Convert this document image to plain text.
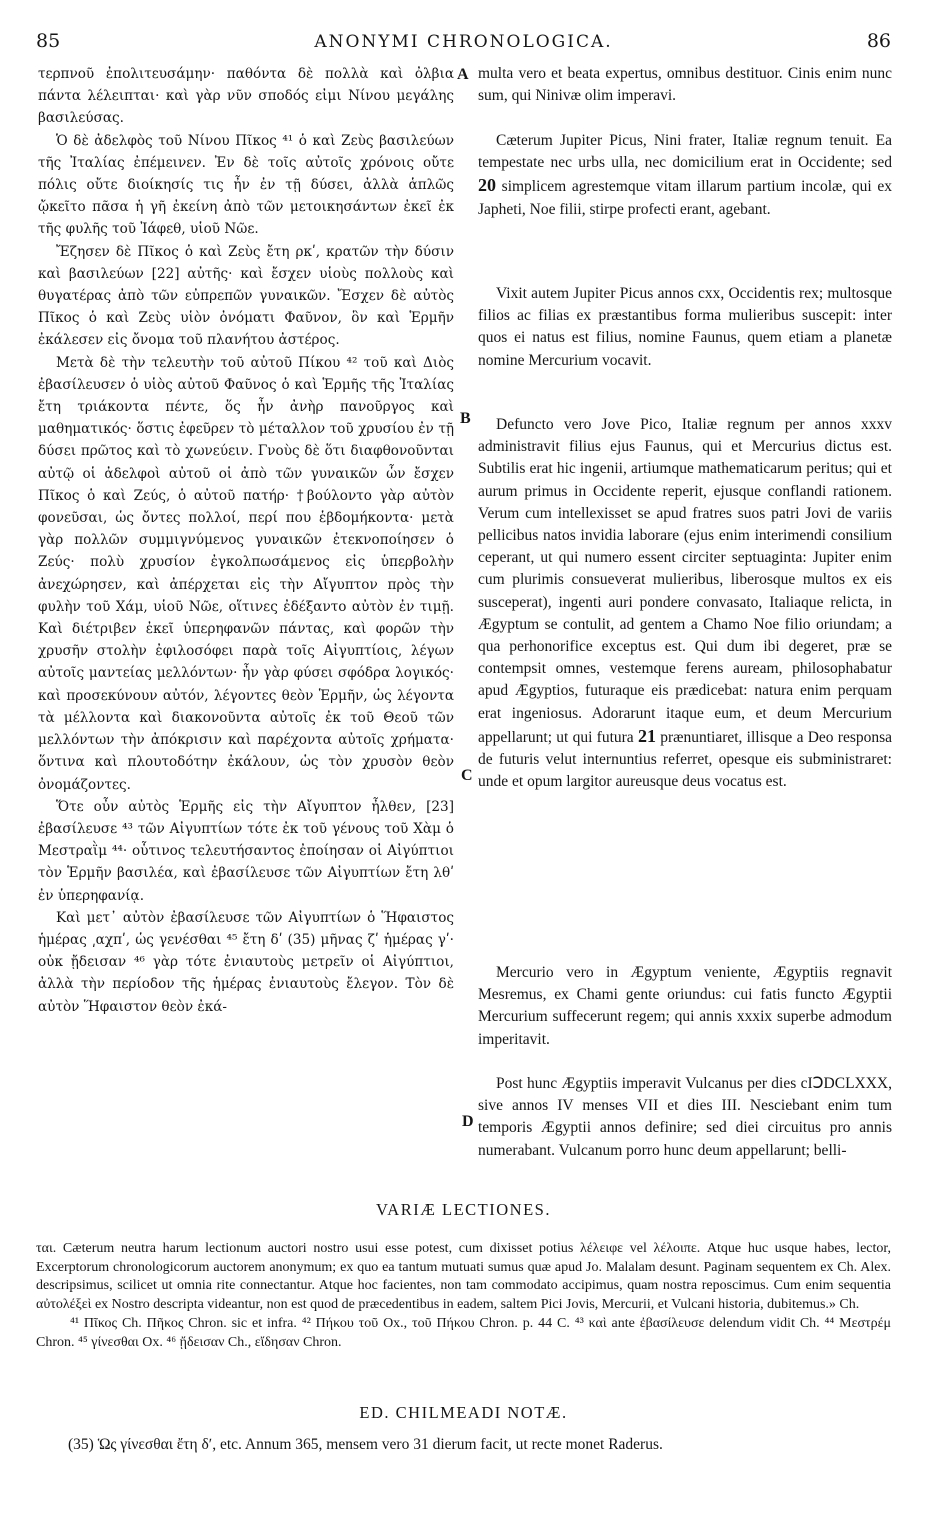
85	ANONYMI CHRONOLOGICA.	86

τερπνοῦ ἐπολιτευσάμην· παθόντα δὲ πολλὰ καὶ ὀλβια πάντα λέλειπται· καὶ γὰρ νῦν σποδός εἰμι Νίνου μεγάλης βασιλεύσας.

Ὁ δὲ ἀδελφὸς τοῦ Νίνου Πῖκος ⁴¹ ὁ καὶ Ζεὺς βασιλεύων τῆς Ἰταλίας ἐπέμεινεν. Ἐν δὲ τοῖς αὐτοῖς χρόνοις οὔτε πόλις οὔτε διοίκησίς τις ἦν ἐν τῇ δύσει, ἀλλὰ ἁπλῶς ᾤκεῖτο πᾶσα ἡ γῆ ἐκείνη ἀπὸ τῶν μετοικησάντων ἐκεῖ ἐκ τῆς φυλῆς τοῦ Ἰάφεθ, υἱοῦ Νῶε.

Ἔζησεν δὲ Πῖκος ὁ καὶ Ζεὺς ἔτη ρκʹ, κρατῶν τὴν δύσιν καὶ βασιλεύων [22] αὐτῆς· καὶ ἔσχεν υἱοὺς πολλοὺς καὶ θυγατέρας ἀπὸ τῶν εὐπρεπῶν γυναικῶν. Ἔσχεν δὲ αὐτὸς Πῖκος ὁ καὶ Ζεὺς υἱὸν ὀνόματι Φαῦνον, ὃν καὶ Ἑρμῆν ἐκάλεσεν εἰς ὄνομα τοῦ πλανήτου ἀστέρος.

Μετὰ δὲ τὴν τελευτὴν τοῦ αὐτοῦ Πίκου ⁴² τοῦ καὶ Διὸς ἐβασίλευσεν ὁ υἱὸς αὐτοῦ Φαῦνος ὁ καὶ Ἑρμῆς τῆς Ἰταλίας ἔτη τριάκοντα πέντε, ὅς ἦν ἀνὴρ πανοῦργος καὶ μαθηματικός· ὅστις ἐφεῦρεν τὸ μέταλλον τοῦ χρυσίου ἐν τῇ δύσει πρῶτος καὶ τὸ χωνεύειν. Γνοὺς δὲ ὅτι διαφθονοῦνται αὐτῷ οἱ ἀδελφοὶ αὐτοῦ οἱ ἀπὸ τῶν γυναικῶν ὧν ἔσχεν Πῖκος ὁ καὶ Ζεύς, ὁ αὐτοῦ πατήρ· †βούλοντο γὰρ αὐτὸν φονεῦσαι, ὡς ὄντες πολλοί, περί που ἑβδομήκοντα· μετὰ γὰρ πολλῶν συμμιγνύμενος γυναικῶν ἐτεκνοποίησεν ὁ Ζεύς· πολὺ χρυσίον ἐγκολπωσάμενος εἰς ὑπερβολὴν ἀνεχώρησεν, καὶ ἀπέρχεται εἰς τὴν Αἴγυπτον πρὸς τὴν φυλὴν τοῦ Χάμ, υἱοῦ Νῶε, οἵτινες ἐδέξαντο αὐτὸν ἐν τιμῇ. Καὶ διέτριβεν ἐκεῖ ὑπερηφανῶν πάντας, καὶ φορῶν τὴν χρυσῆν στολὴν ἐφιλοσόφει παρὰ τοῖς Αἰγυπτίοις, λέγων αὐτοῖς μαντείας μελλόντων· ἦν γὰρ φύσει σφόδρα λογικός· καὶ προσεκύνουν αὐτόν, λέγοντες θεὸν Ἑρμῆν, ὡς λέγοντα τὰ μέλλοντα καὶ διακονοῦντα αὐτοῖς ἐκ τοῦ Θεοῦ τῶν μελλόντων τὴν ἀπόκρισιν καὶ παρέχοντα αὐτοῖς χρήματα· ὅντινα καὶ πλουτοδότην ἐκάλουν, ὡς τὸν χρυσὸν θεὸν ὀνομάζοντες.

Ὅτε οὖν αὐτὸς Ἑρμῆς εἰς τὴν Αἴγυπτον ἦλθεν, [23] ἐβασίλευσε ⁴³ τῶν Αἰγυπτίων τότε ἐκ τοῦ γένους τοῦ Χὰμ ὁ Μεστραῒμ ⁴⁴· οὗτινος τελευτήσαντος ἐποίησαν οἱ Αἰγύπτιοι τὸν Ἑρμῆν βασιλέα, καὶ ἐβασίλευσε τῶν Αἰγυπτίων ἔτη λθʹ ἐν ὑπερηφανίᾳ.

Καὶ μετ᾽ αὐτὸν ἐβασίλευσε τῶν Αἰγυπτίων ὁ Ἥφαιστος ἡμέρας ͵αχπʹ, ὡς γενέσθαι ⁴⁵ ἔτη δʹ (35) μῆνας ζʹ ἡμέρας γʹ· οὐκ ᾔδεισαν ⁴⁶ γὰρ τότε ἐνιαυτοὺς μετρεῖν οἱ Αἰγύπτιοι, ἀλλὰ τὴν περίοδον τῆς ἡμέρας ἐνιαυτοὺς ἔλεγον. Τὸν δὲ αὐτὸν Ἥφαιστον θεὸν ἐκά-

A
B
C
D

multa vero et beata expertus, omnibus destituor. Cinis enim nunc sum, qui Ninivæ olim imperavi.

Cæterum Jupiter Picus, Nini frater, Italiæ regnum tenuit. Ea tempestate nec urbs ulla, nec domicilium erat in Occidente; sed 20 simplicem agrestemque vitam illarum partium incolæ, qui ex Japheti, Noe filii, stirpe profecti erant, agebant.

Vixit autem Jupiter Picus annos cxx, Occidentis rex; multosque filios ac filias ex præstantibus forma mulieribus suscepit: inter quos ei natus est filius, nomine Faunus, quem etiam a planetæ nomine Mercurium vocavit.

Defuncto vero Jove Pico, Italiæ regnum per annos xxxv administravit filius ejus Faunus, qui et Mercurius dictus est. Subtilis erat hic ingenii, artiumque mathematicarum peritus; qui et aurum primus in Occidente reperit, ejusque conflandi rationem. Verum cum intellexisset se apud fratres suos patri Jovi de variis pellicibus natos invidia laborare (ejus enim interimendi consilium ceperant, ut qui numero essent circiter septuaginta: Jupiter enim cum plurimis consueverat mulieribus, liberosque multos ex eis susceperat), ingenti auri pondere convasato, Italiaque relicta, in Ægyptum se contulit, ad gentem a Chamo Noe filio oriundam; a qua perhonorifice exceptus est. Qui dum ibi degeret, præ se contempsit omnes, vestemque ferens auream, philosophabatur apud Ægyptios, futuraque eis prædicebat: natura enim perquam erat ingeniosus. Adorarunt itaque eum, et deum Mercurium appellarunt; ut qui futura 21 prænuntiaret, illisque a Deo responsa de futuris velut internuntius referret, opesque eis subministraret: unde et opum largitor aureusque deus vocatus est.

Mercurio vero in Ægyptum veniente, Ægyptiis regnavit Mesremus, ex Chami gente oriundus: cui fatis functo Ægyptii Mercurium suffecerunt regem; qui annis xxxix superbe admodum imperitavit.

Post hunc Ægyptiis imperavit Vulcanus per dies cIↃDCLXXX, sive annos IV menses VII et dies III. Nesciebant enim tum temporis Ægyptii annos definire; sed diei circuitus pro annis numerabant. Vulcanum porro hunc deum appellarunt; belli-

VARIÆ LECTIONES.

ται. Cæterum neutra harum lectionum auctori nostro usui esse potest, cum dixisset potius λέλειφε vel λέλοιπε. Atque huc usque habes, lector, Excerptorum chronologicorum auctorem anonymum; ex quo ea tantum mutuati sumus quæ apud Jo. Malalam desunt. Paginam sequentem ex Ch. Alex. descripsimus, scilicet ut omnia rite connectantur. Atque hoc facientes, non tam commodato accipimus, quam nostra reposcimus. Cum enim sequentia αὐτολέξεὶ ex Nostro descripta videantur, non est quod de præcedentibus in eadem, saltem Pici Jovis, Mercurii, et Vulcani historia, dubitemus.» Ch.

⁴¹ Πῖκος Ch. Πῆκος Chron. sic et infra. ⁴² Πήκου τοῦ Ox., τοῦ Πήκου Chron. p. 44 C. ⁴³ καὶ ante ἐβασίλευσε delendum vidit Ch. ⁴⁴ Μεστρέμ Chron. ⁴⁵ γίνεσθαι Ox. ⁴⁶ ᾔδεισαν Ch., εἴδησαν Chron.

ED. CHILMEADI NOTÆ.
(35) Ὡς γίνεσθαι ἔτη δʹ, etc. Annum 365, mensem vero 31 dierum facit, ut recte monet Raderus.
